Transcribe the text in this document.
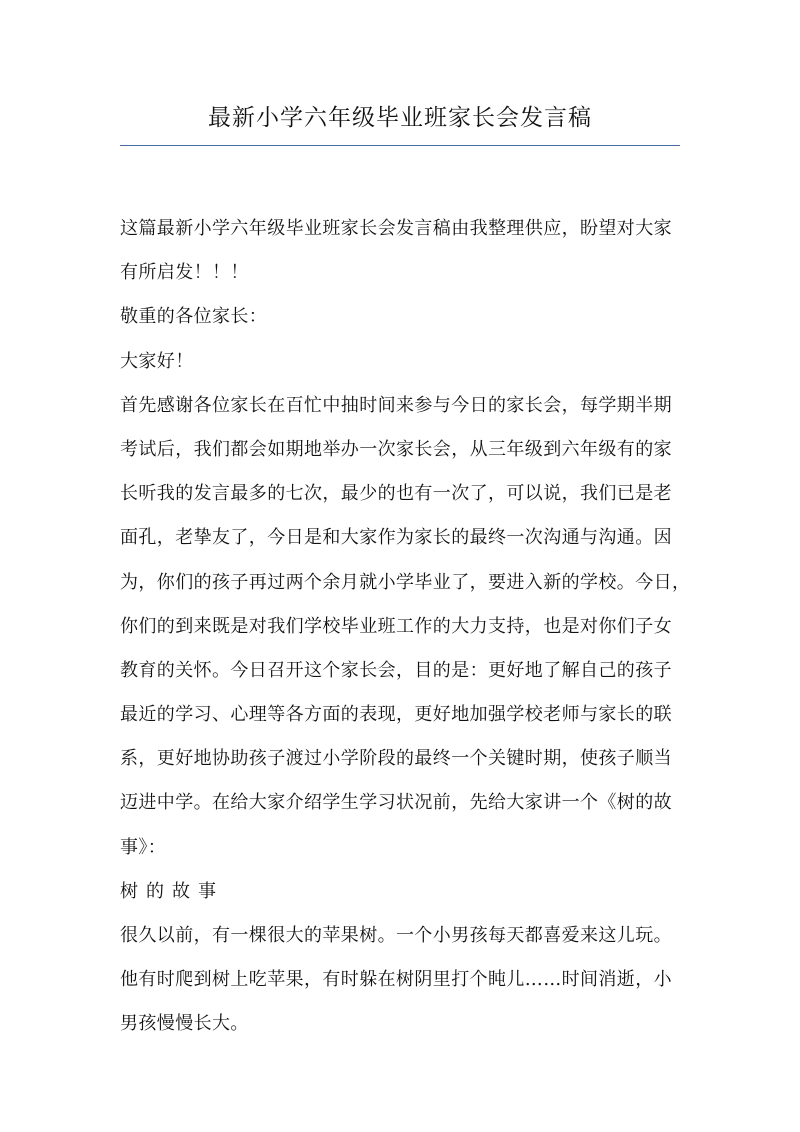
最新小学六年级毕业班家长会发言稿
这篇最新小学六年级毕业班家长会发言稿由我整理供应，盼望对大家
有所启发！！！
敬重的各位家长：
大家好！
首先感谢各位家长在百忙中抽时间来参与今日的家长会，每学期半期
考试后，我们都会如期地举办一次家长会，从三年级到六年级有的家
长听我的发言最多的七次，最少的也有一次了，可以说，我们已是老
面孔，老挚友了，今日是和大家作为家长的最终一次沟通与沟通。因
为，你们的孩子再过两个余月就小学毕业了，要进入新的学校。今日，
你们的到来既是对我们学校毕业班工作的大力支持，也是对你们子女
教育的关怀。今日召开这个家长会，目的是：更好地了解自己的孩子
最近的学习、心理等各方面的表现，更好地加强学校老师与家长的联
系，更好地协助孩子渡过小学阶段的最终一个关键时期，使孩子顺当
迈进中学。在给大家介绍学生学习状况前，先给大家讲一个《树的故
事》：
树的故事
很久以前，有一棵很大的苹果树。一个小男孩每天都喜爱来这儿玩。
他有时爬到树上吃苹果，有时躲在树阴里打个盹儿……时间消逝，小
男孩慢慢长大。
